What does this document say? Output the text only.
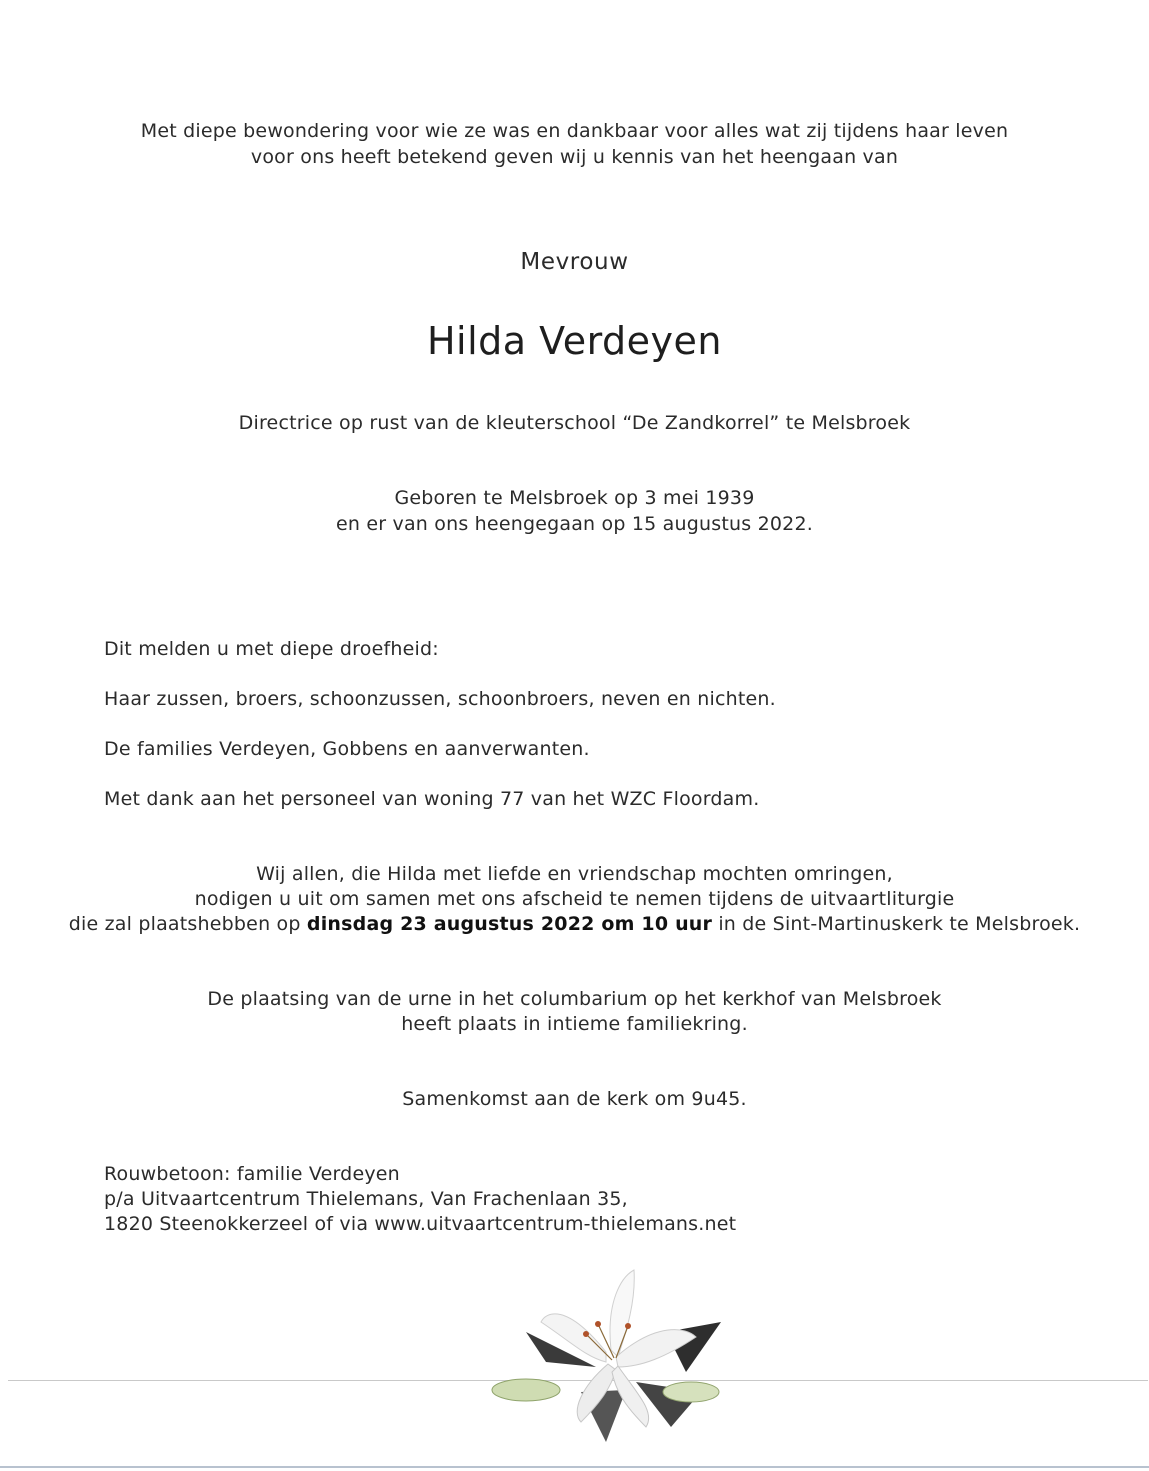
Met diepe bewondering voor wie ze was en dankbaar voor alles wat zij tijdens haar leven
voor ons heeft betekend geven wij u kennis van het heengaan van
Mevrouw
Hilda Verdeyen
Directrice op rust van de kleuterschool “De Zandkorrel” te Melsbroek
Geboren te Melsbroek op 3 mei 1939
en er van ons heengegaan op 15 augustus 2022.
Dit melden u met diepe droefheid:
Haar zussen, broers, schoonzussen, schoonbroers, neven en nichten.
De families Verdeyen, Gobbens en aanverwanten.
Met dank aan het personeel van woning 77 van het WZC Floordam.
Wij allen, die Hilda met liefde en vriendschap mochten omringen,
nodigen u uit om samen met ons afscheid te nemen tijdens de uitvaartliturgie
die zal plaatshebben op dinsdag 23 augustus 2022 om 10 uur in de Sint-Martinuskerk te Melsbroek.
De plaatsing van de urne in het columbarium op het kerkhof van Melsbroek
heeft plaats in intieme familiekring.
Samenkomst aan de kerk om 9u45.
Rouwbetoon: familie Verdeyen
p/a Uitvaartcentrum Thielemans, Van Frachenlaan 35,
1820 Steenokkerzeel of via www.uitvaartcentrum-thielemans.net
